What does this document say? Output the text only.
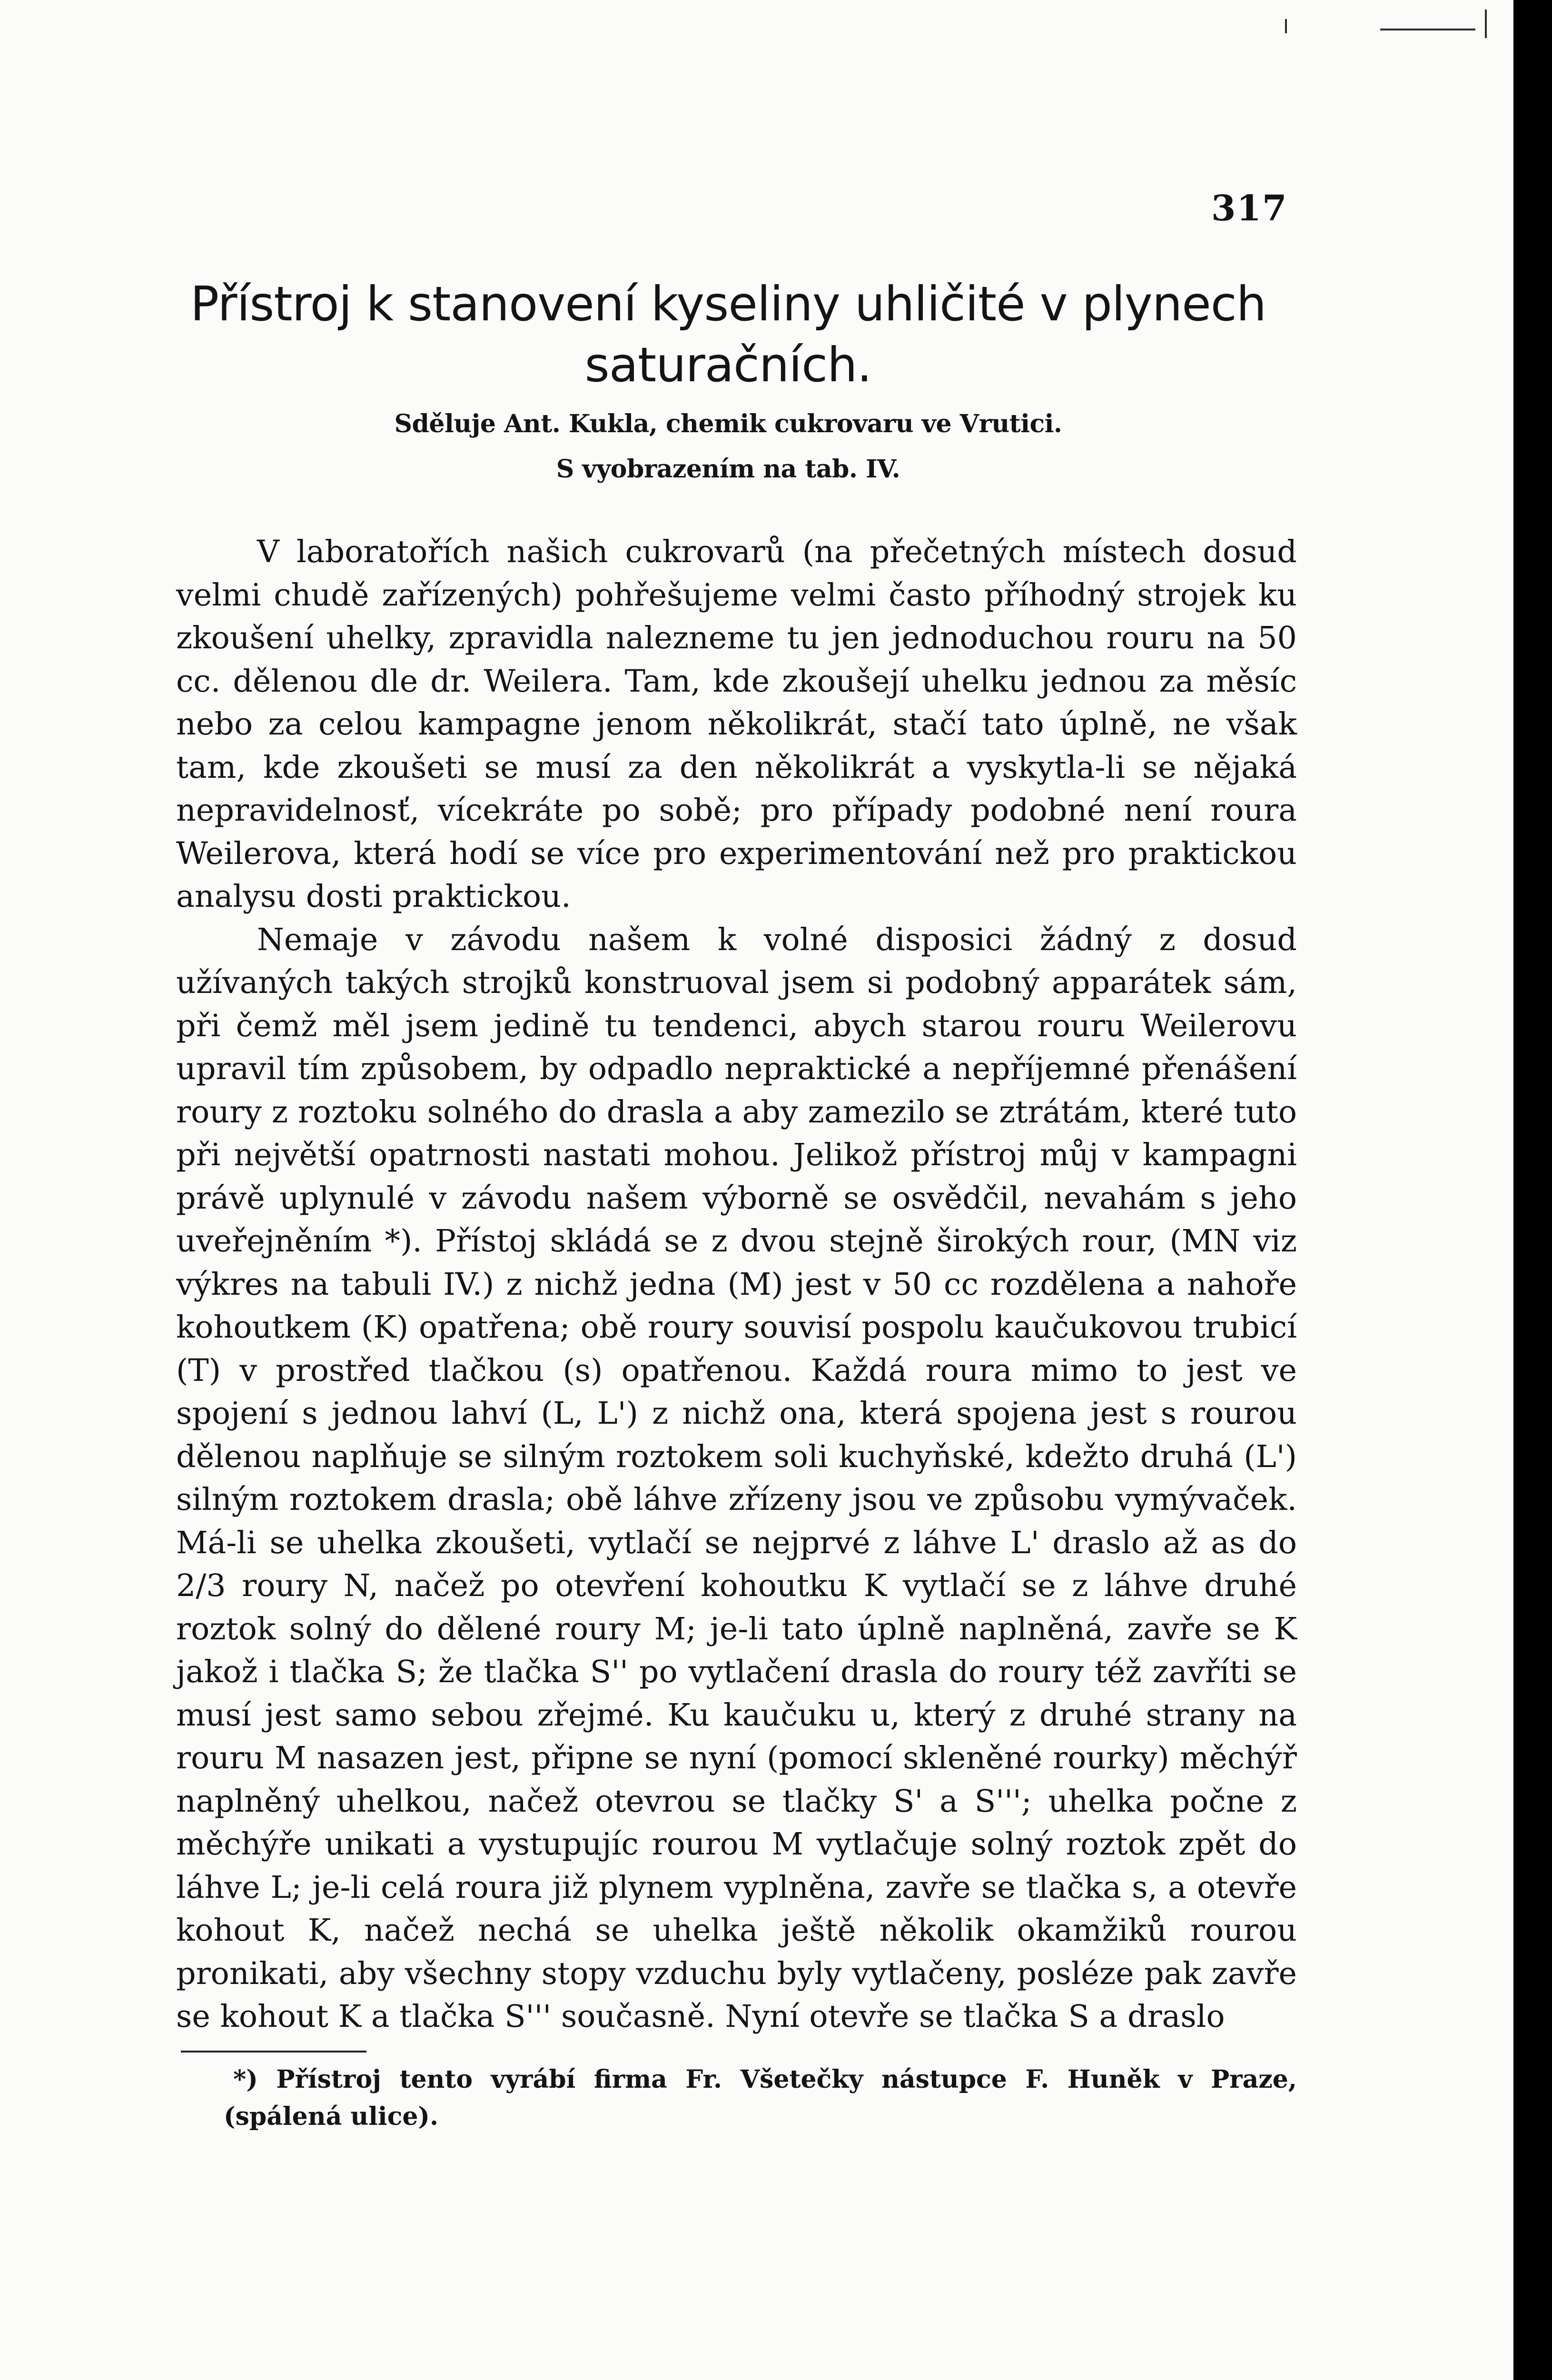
317
Přístroj k stanovení kyseliny uhličité v plynech saturačních.
Sděluje Ant. Kukla, chemik cukrovaru ve Vrutici.
S vyobrazením na tab. IV.

V laboratořích našich cukrovarů (na přečetných místech dosud velmi chudě zařízených) pohřešujeme velmi často příhodný strojek ku zkoušení uhelky, zpravidla nalezneme tu jen jednoduchou rouru na 50 cc. dělenou dle dr. Weilera. Tam, kde zkoušejí uhelku jednou za měsíc nebo za celou kampagne jenom několikrát, stačí tato úplně, ne však tam, kde zkoušeti se musí za den několikrát a vyskytla-li se nějaká nepravidelnosť, vícekráte po sobě; pro případy podobné není roura Weilerova, která hodí se více pro experimentování než pro praktickou analysu dosti praktickou.

Nemaje v závodu našem k volné disposici žádný z dosud užívaných takých strojků konstruoval jsem si podobný apparátek sám, při čemž měl jsem jedině tu tendenci, abych starou rouru Weilerovu upravil tím způsobem, by odpadlo nepraktické a nepříjemné přenášení roury z roztoku solného do drasla a aby zamezilo se ztrátám, které tuto při největší opatrnosti nastati mohou. Jelikož přístroj můj v kampagni právě uplynulé v závodu našem výborně se osvědčil, nevahám s jeho uveřejněním *). Přístoj skládá se z dvou stejně širokých rour, (MN viz výkres na tabuli IV.) z nichž jedna (M) jest v 50 cc rozdělena a nahoře kohoutkem (K) opatřena; obě roury souvisí pospolu kaučukovou trubicí (T) v prostřed tlačkou (s) opatřenou. Každá roura mimo to jest ve spojení s jednou lahví (L, L') z nichž ona, která spojena jest s rourou dělenou naplňuje se silným roztokem soli kuchyňské, kdežto druhá (L') silným roztokem drasla; obě láhve zřízeny jsou ve způsobu vymývaček. Má-li se uhelka zkoušeti, vytlačí se nejprvé z láhve L' draslo až as do 2/3 roury N, načež po otevření kohoutku K vytlačí se z láhve druhé roztok solný do dělené roury M; je-li tato úplně naplněná, zavře se K jakož i tlačka S; že tlačka S'' po vytlačení drasla do roury též zavříti se musí jest samo sebou zřejmé. Ku kaučuku u, který z druhé strany na rouru M nasazen jest, připne se nyní (pomocí skleněné rourky) měchýř naplněný uhelkou, načež otevrou se tlačky S' a S'''; uhelka počne z měchýře unikati a vystupujíc rourou M vytlačuje solný roztok zpět do láhve L; je-li celá roura již plynem vyplněna, zavře se tlačka s, a otevře kohout K, načež nechá se uhelka ještě několik okamžiků rourou pronikati, aby všechny stopy vzduchu byly vytlačeny, posléze pak zavře se kohout K a tlačka S''' současně. Nyní otevře se tlačka S a draslo

*) Přístroj tento vyrábí firma Fr. Všetečky nástupce F. Huněk v Praze, (spálená ulice).
